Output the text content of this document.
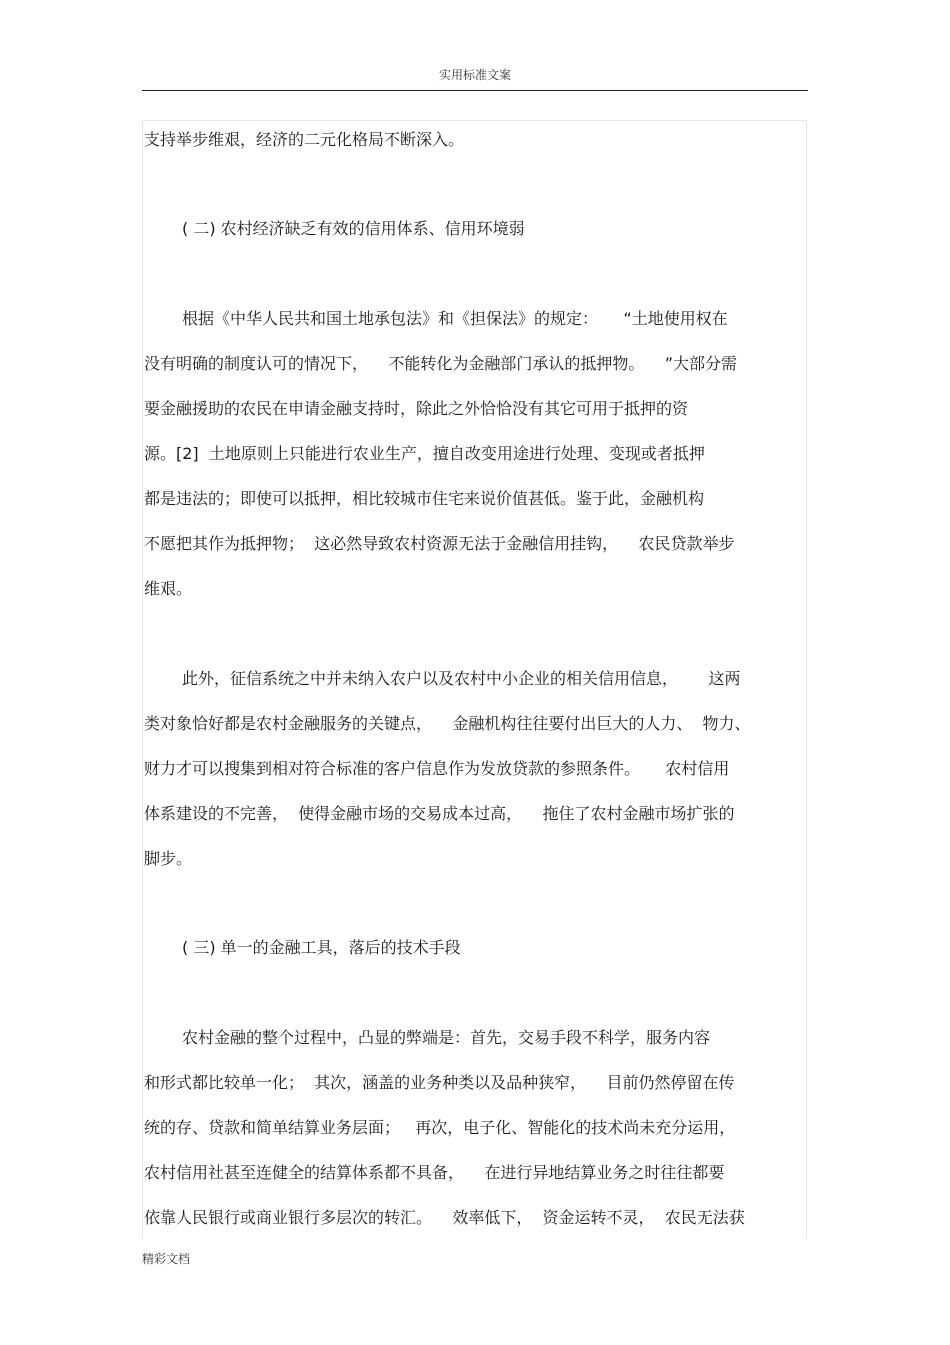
实用标准文案
支持举步维艰，经济的二元化格局不断深入。
( 二) 农村经济缺乏有效的信用体系、信用环境弱
根据《中华人民共和国土地承包法》和《担保法》的规定：     “土地使用权在
没有明确的制度认可的情况下，    不能转化为金融部门承认的抵押物。    ”大部分需
要金融援助的农民在申请金融支持时，除此之外恰恰没有其它可用于抵押的资
源。[2]  土地原则上只能进行农业生产，擅自改变用途进行处理、变现或者抵押
都是违法的；即使可以抵押，相比较城市住宅来说价值甚低。鉴于此，金融机构
不愿把其作为抵押物；  这必然导致农村资源无法于金融信用挂钩，    农民贷款举步
维艰。
此外，征信系统之中并未纳入农户以及农村中小企业的相关信用信息，      这两
类对象恰好都是农村金融服务的关键点，    金融机构往往要付出巨大的人力、  物力、
财力才可以搜集到相对符合标准的客户信息作为发放贷款的参照条件。     农村信用
体系建设的不完善，  使得金融市场的交易成本过高，    拖住了农村金融市场扩张的
脚步。
( 三) 单一的金融工具，落后的技术手段
农村金融的整个过程中，凸显的弊端是：首先，交易手段不科学，服务内容
和形式都比较单一化；  其次，涵盖的业务种类以及品种狭窄，    目前仍然停留在传
统的存、贷款和简单结算业务层面；   再次，电子化、智能化的技术尚未充分运用，
农村信用社甚至连健全的结算体系都不具备，    在进行异地结算业务之时往往都要
依靠人民银行或商业银行多层次的转汇。    效率低下，  资金运转不灵，  农民无法获
精彩文档
